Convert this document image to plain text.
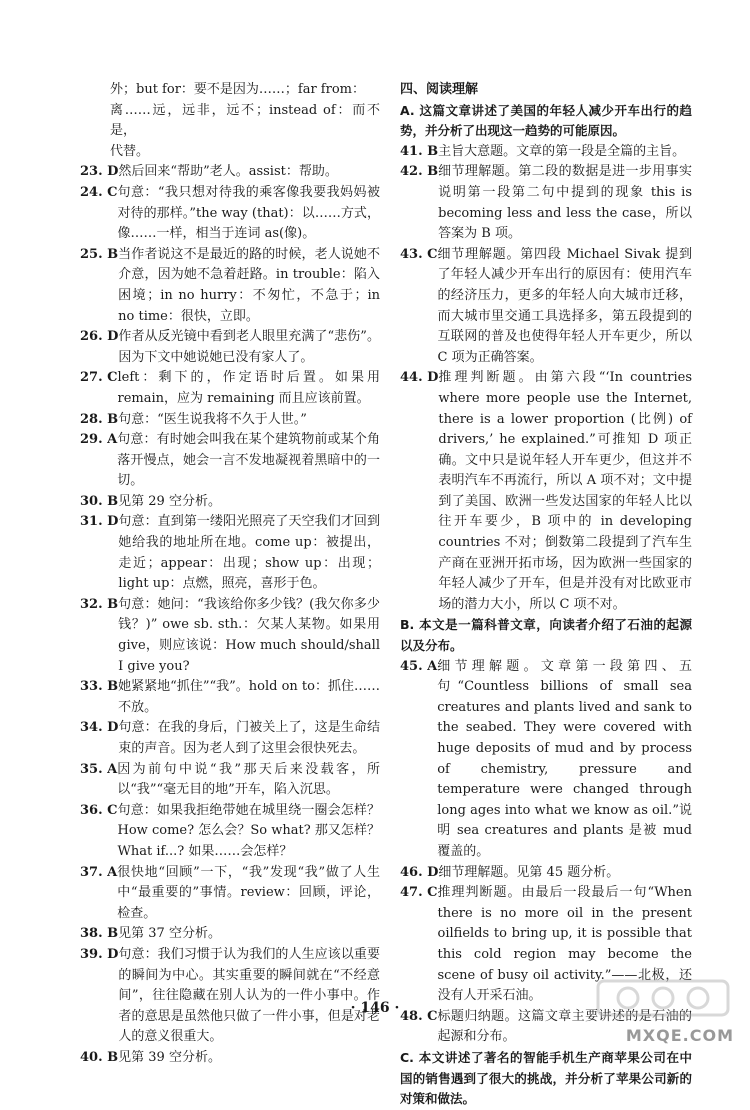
外；but for：要不是因为……；far from：
离……远，远非，远不；instead of：而不是，
代替。
23. D 然后回来“帮助”老人。assist：帮助。
24. C 句意：“我只想对待我的乘客像我要我妈妈被对待的那样。”the way (that)：以……方式，像……一样，相当于连词 as(像)。
25. B 当作者说这不是最近的路的时候，老人说她不介意，因为她不急着赶路。in trouble：陷入困境；in no hurry：不匆忙，不急于；in no time：很快，立即。
26. D 作者从反光镜中看到老人眼里充满了“悲伤”。因为下文中她说她已没有家人了。
27. C left：剩下的，作定语时后置。如果用 remain，应为 remaining 而且应该前置。
28. B 句意：“医生说我将不久于人世。”
29. A 句意：有时她会叫我在某个建筑物前或某个角落开慢点，她会一言不发地凝视着黑暗中的一切。
30. B 见第 29 空分析。
31. D 句意：直到第一缕阳光照亮了天空我们才回到她给我的地址所在地。come up：被提出，走近；appear：出现；show up：出现；light up：点燃，照亮，喜形于色。
32. B 句意：她问：“我该给你多少钱？(我欠你多少钱？)” owe sb. sth.：欠某人某物。如果用 give，则应该说：How much should/shall I give you?
33. B 她紧紧地“抓住”“我”。hold on to：抓住……不放。
34. D 句意：在我的身后，门被关上了，这是生命结束的声音。因为老人到了这里会很快死去。
35. A 因为前句中说“我”那天后来没载客，所以“我”“毫无目的地”开车，陷入沉思。
36. C 句意：如果我拒绝带她在城里绕一圈会怎样？How come? 怎么会？So what? 那又怎样？What if...? 如果……会怎样？
37. A 很快地“回顾”一下，“我”发现“我”做了人生中“最重要的”事情。review：回顾，评论，检查。
38. B 见第 37 空分析。
39. D 句意：我们习惯于认为我们的人生应该以重要的瞬间为中心。其实重要的瞬间就在“不经意间”，往往隐藏在别人认为的一件小事中。作者的意思是虽然他只做了一件小事，但是对老人的意义很重大。
40. B 见第 39 空分析。
四、阅读理解
A. 这篇文章讲述了美国的年轻人减少开车出行的趋势，并分析了出现这一趋势的可能原因。
41. B 主旨大意题。文章的第一段是全篇的主旨。
42. B 细节理解题。第二段的数据是进一步用事实说明第一段第二句中提到的现象 this is becoming less and less the case，所以答案为 B 项。
43. C 细节理解题。第四段 Michael Sivak 提到了年轻人减少开车出行的原因有：使用汽车的经济压力，更多的年轻人向大城市迁移，而大城市里交通工具选择多，第五段提到的互联网的普及也使得年轻人开车更少，所以 C 项为正确答案。
44. D 推理判断题。由第六段“‘In countries where more people use the Internet, there is a lower proportion (比例) of drivers,’ he explained.”可推知 D 项正确。文中只是说年轻人开车更少，但这并不表明汽车不再流行，所以 A 项不对；文中提到了美国、欧洲一些发达国家的年轻人比以往开车要少，B 项中的 in developing countries 不对；倒数第二段提到了汽车生产商在亚洲开拓市场，因为欧洲一些国家的年轻人减少了开车，但是并没有对比欧亚市场的潜力大小，所以 C 项不对。
B. 本文是一篇科普文章，向读者介绍了石油的起源以及分布。
45. A 细节理解题。文章第一段第四、五句“Countless billions of small sea creatures and plants lived and sank to the seabed. They were covered with huge deposits of mud and by process of chemistry, pressure and temperature were changed through long ages into what we know as oil.”说明 sea creatures and plants 是被 mud 覆盖的。
46. D 细节理解题。见第 45 题分析。
47. C 推理判断题。由最后一段最后一句“When there is no more oil in the present oilfields to bring up, it is possible that this cold region may become the scene of busy oil activity.”——北极，还没有人开采石油。
48. C 标题归纳题。这篇文章主要讲述的是石油的起源和分布。
C. 本文讲述了著名的智能手机生产商苹果公司在中国的销售遇到了很大的挑战，并分析了苹果公司新的对策和做法。
· 146 ·
MXQE.COM
